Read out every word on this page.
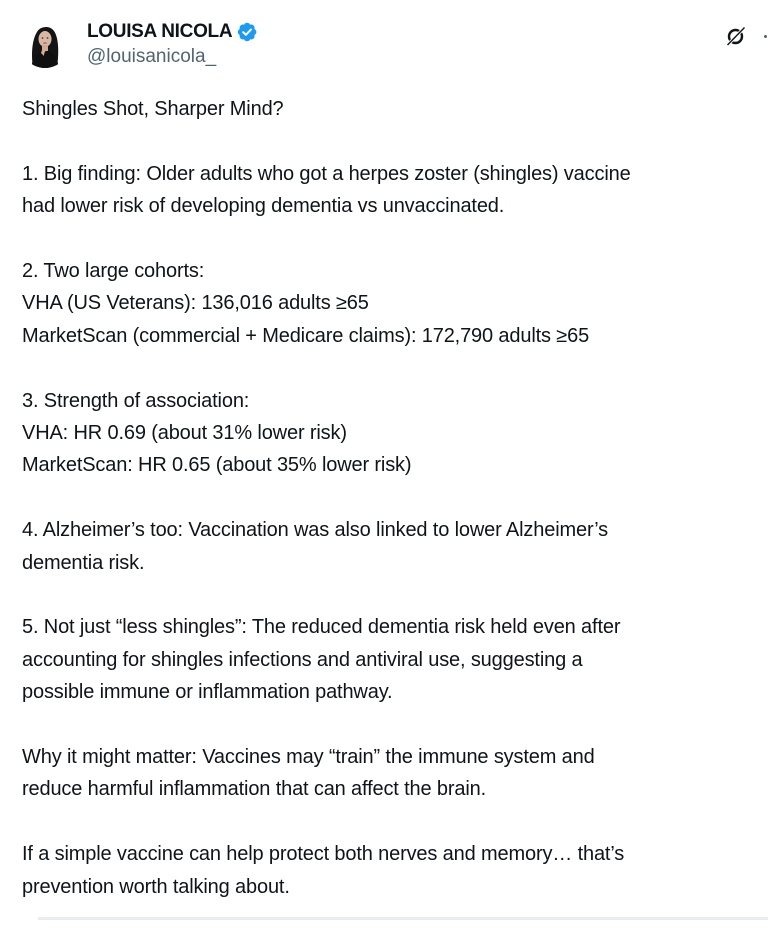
LOUISA NICOLA
@louisanicola_

Shingles Shot, Sharper Mind?

1. Big finding: Older adults who got a herpes zoster (shingles) vaccine
had lower risk of developing dementia vs unvaccinated.

2. Two large cohorts:
VHA (US Veterans): 136,016 adults ≥65
MarketScan (commercial + Medicare claims): 172,790 adults ≥65

3. Strength of association:
VHA: HR 0.69 (about 31% lower risk)
MarketScan: HR 0.65 (about 35% lower risk)

4. Alzheimer’s too: Vaccination was also linked to lower Alzheimer’s
dementia risk.

5. Not just “less shingles”: The reduced dementia risk held even after
accounting for shingles infections and antiviral use, suggesting a
possible immune or inflammation pathway.

Why it might matter: Vaccines may “train” the immune system and
reduce harmful inflammation that can affect the brain.

If a simple vaccine can help protect both nerves and memory… that’s
prevention worth talking about.
